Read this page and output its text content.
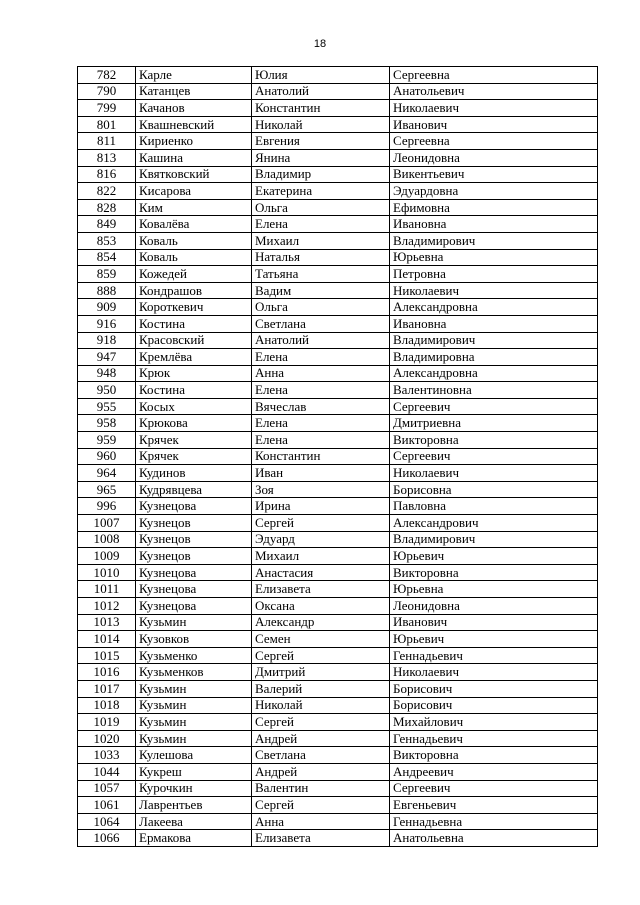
18
782	Карле	Юлия	Сергеевна
790	Катанцев	Анатолий	Анатольевич
799	Качанов	Константин	Николаевич
801	Квашневский	Николай	Иванович
811	Кириенко	Евгения	Сергеевна
813	Кашина	Янина	Леонидовна
816	Квятковский	Владимир	Викентьевич
822	Кисарова	Екатерина	Эдуардовна
828	Ким	Ольга	Ефимовна
849	Ковалёва	Елена	Ивановна
853	Коваль	Михаил	Владимирович
854	Коваль	Наталья	Юрьевна
859	Кожедей	Татьяна	Петровна
888	Кондрашов	Вадим	Николаевич
909	Короткевич	Ольга	Александровна
916	Костина	Светлана	Ивановна
918	Красовский	Анатолий	Владимирович
947	Кремлёва	Елена	Владимировна
948	Крюк	Анна	Александровна
950	Костина	Елена	Валентиновна
955	Косых	Вячеслав	Сергеевич
958	Крюкова	Елена	Дмитриевна
959	Крячек	Елена	Викторовна
960	Крячек	Константин	Сергеевич
964	Кудинов	Иван	Николаевич
965	Кудрявцева	Зоя	Борисовна
996	Кузнецова	Ирина	Павловна
1007	Кузнецов	Сергей	Александрович
1008	Кузнецов	Эдуард	Владимирович
1009	Кузнецов	Михаил	Юрьевич
1010	Кузнецова	Анастасия	Викторовна
1011	Кузнецова	Елизавета	Юрьевна
1012	Кузнецова	Оксана	Леонидовна
1013	Кузьмин	Александр	Иванович
1014	Кузовков	Семен	Юрьевич
1015	Кузьменко	Сергей	Геннадьевич
1016	Кузьменков	Дмитрий	Николаевич
1017	Кузьмин	Валерий	Борисович
1018	Кузьмин	Николай	Борисович
1019	Кузьмин	Сергей	Михайлович
1020	Кузьмин	Андрей	Геннадьевич
1033	Кулешова	Светлана	Викторовна
1044	Кукреш	Андрей	Андреевич
1057	Курочкин	Валентин	Сергеевич
1061	Лаврентьев	Сергей	Евгеньевич
1064	Лакеева	Анна	Геннадьевна
1066	Ермакова	Елизавета	Анатольевна
